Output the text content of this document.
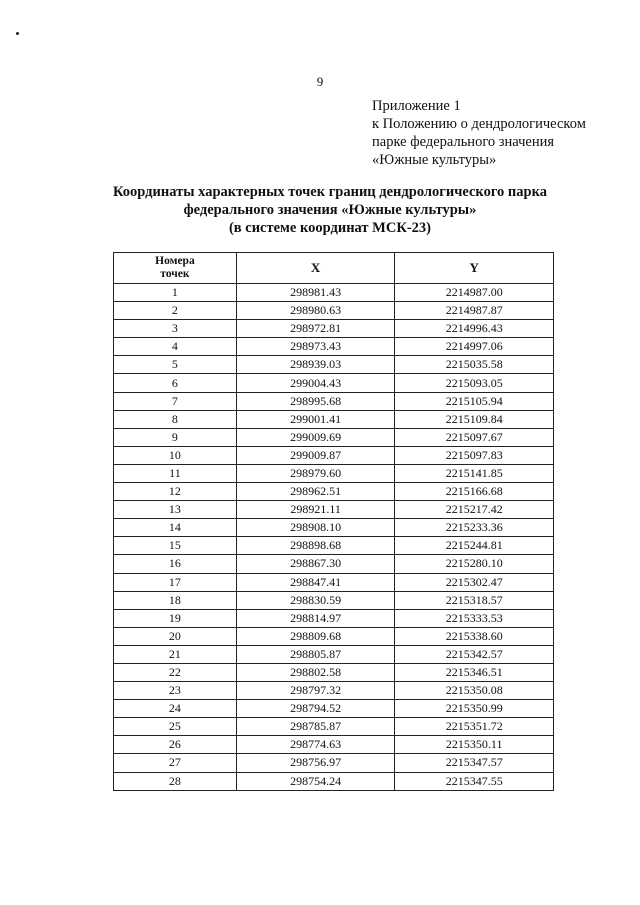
9
Приложение 1
к Положению о дендрологическом
парке федерального значения
«Южные культуры»
Координаты характерных точек границ дендрологического парка
федерального значения «Южные культуры»
(в системе координат МСК-23)
Номера
точек	X	Y
1	298981.43	2214987.00
2	298980.63	2214987.87
3	298972.81	2214996.43
4	298973.43	2214997.06
5	298939.03	2215035.58
6	299004.43	2215093.05
7	298995.68	2215105.94
8	299001.41	2215109.84
9	299009.69	2215097.67
10	299009.87	2215097.83
11	298979.60	2215141.85
12	298962.51	2215166.68
13	298921.11	2215217.42
14	298908.10	2215233.36
15	298898.68	2215244.81
16	298867.30	2215280.10
17	298847.41	2215302.47
18	298830.59	2215318.57
19	298814.97	2215333.53
20	298809.68	2215338.60
21	298805.87	2215342.57
22	298802.58	2215346.51
23	298797.32	2215350.08
24	298794.52	2215350.99
25	298785.87	2215351.72
26	298774.63	2215350.11
27	298756.97	2215347.57
28	298754.24	2215347.55
